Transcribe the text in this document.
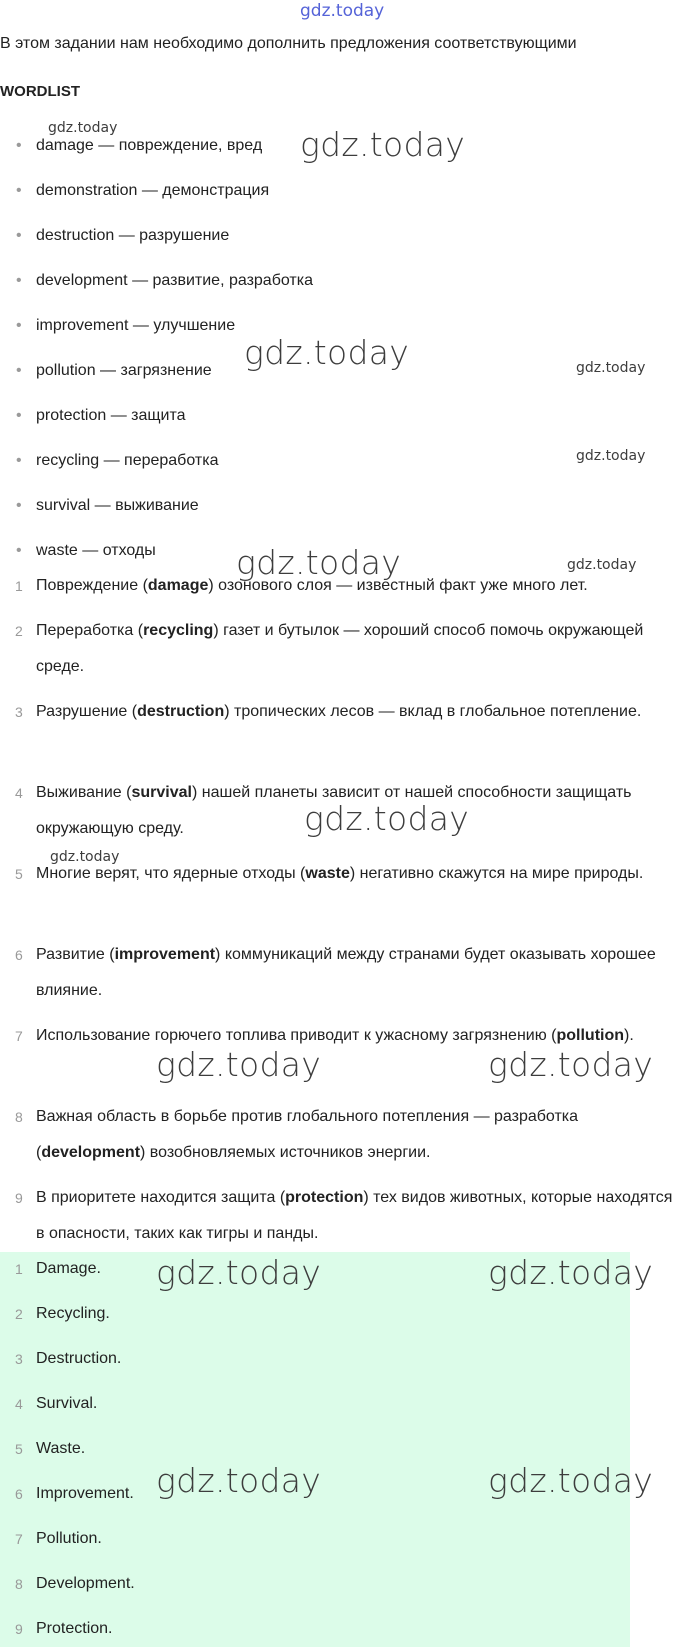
gdz.today
В этом задании нам необходимо дополнить предложения соответствующими
WORDLIST
• damage — повреждение, вред
• demonstration — демонстрация
• destruction — разрушение
• development — развитие, разработка
• improvement — улучшение
• pollution — загрязнение
• protection — защита
• recycling — переработка
• survival — выживание
• waste — отходы
1 Повреждение (damage) озонового слоя — известный факт уже много лет.
2 Переработка (recycling) газет и бутылок — хороший способ помочь окружающей среде.
3 Разрушение (destruction) тропических лесов — вклад в глобальное потепление.
4 Выживание (survival) нашей планеты зависит от нашей способности защищать окружающую среду.
5 Многие верят, что ядерные отходы (waste) негативно скажутся на мире природы.
6 Развитие (improvement) коммуникаций между странами будет оказывать хорошее влияние.
7 Использование горючего топлива приводит к ужасному загрязнению (pollution).
8 Важная область в борьбе против глобального потепления — разработка (development) возобновляемых источников энергии.
9 В приоритете находится защита (protection) тех видов животных, которые находятся в опасности, таких как тигры и панды.
1 Damage.
2 Recycling.
3 Destruction.
4 Survival.
5 Waste.
6 Improvement.
7 Pollution.
8 Development.
9 Protection.
gdz.today	gdz.today
gdz.today	gdz.today
gdz.today
gdz.today	gdz.today
gdz.today
gdz.today
gdz.today	gdz.today
gdz.today	gdz.today
gdz.today	gdz.today
